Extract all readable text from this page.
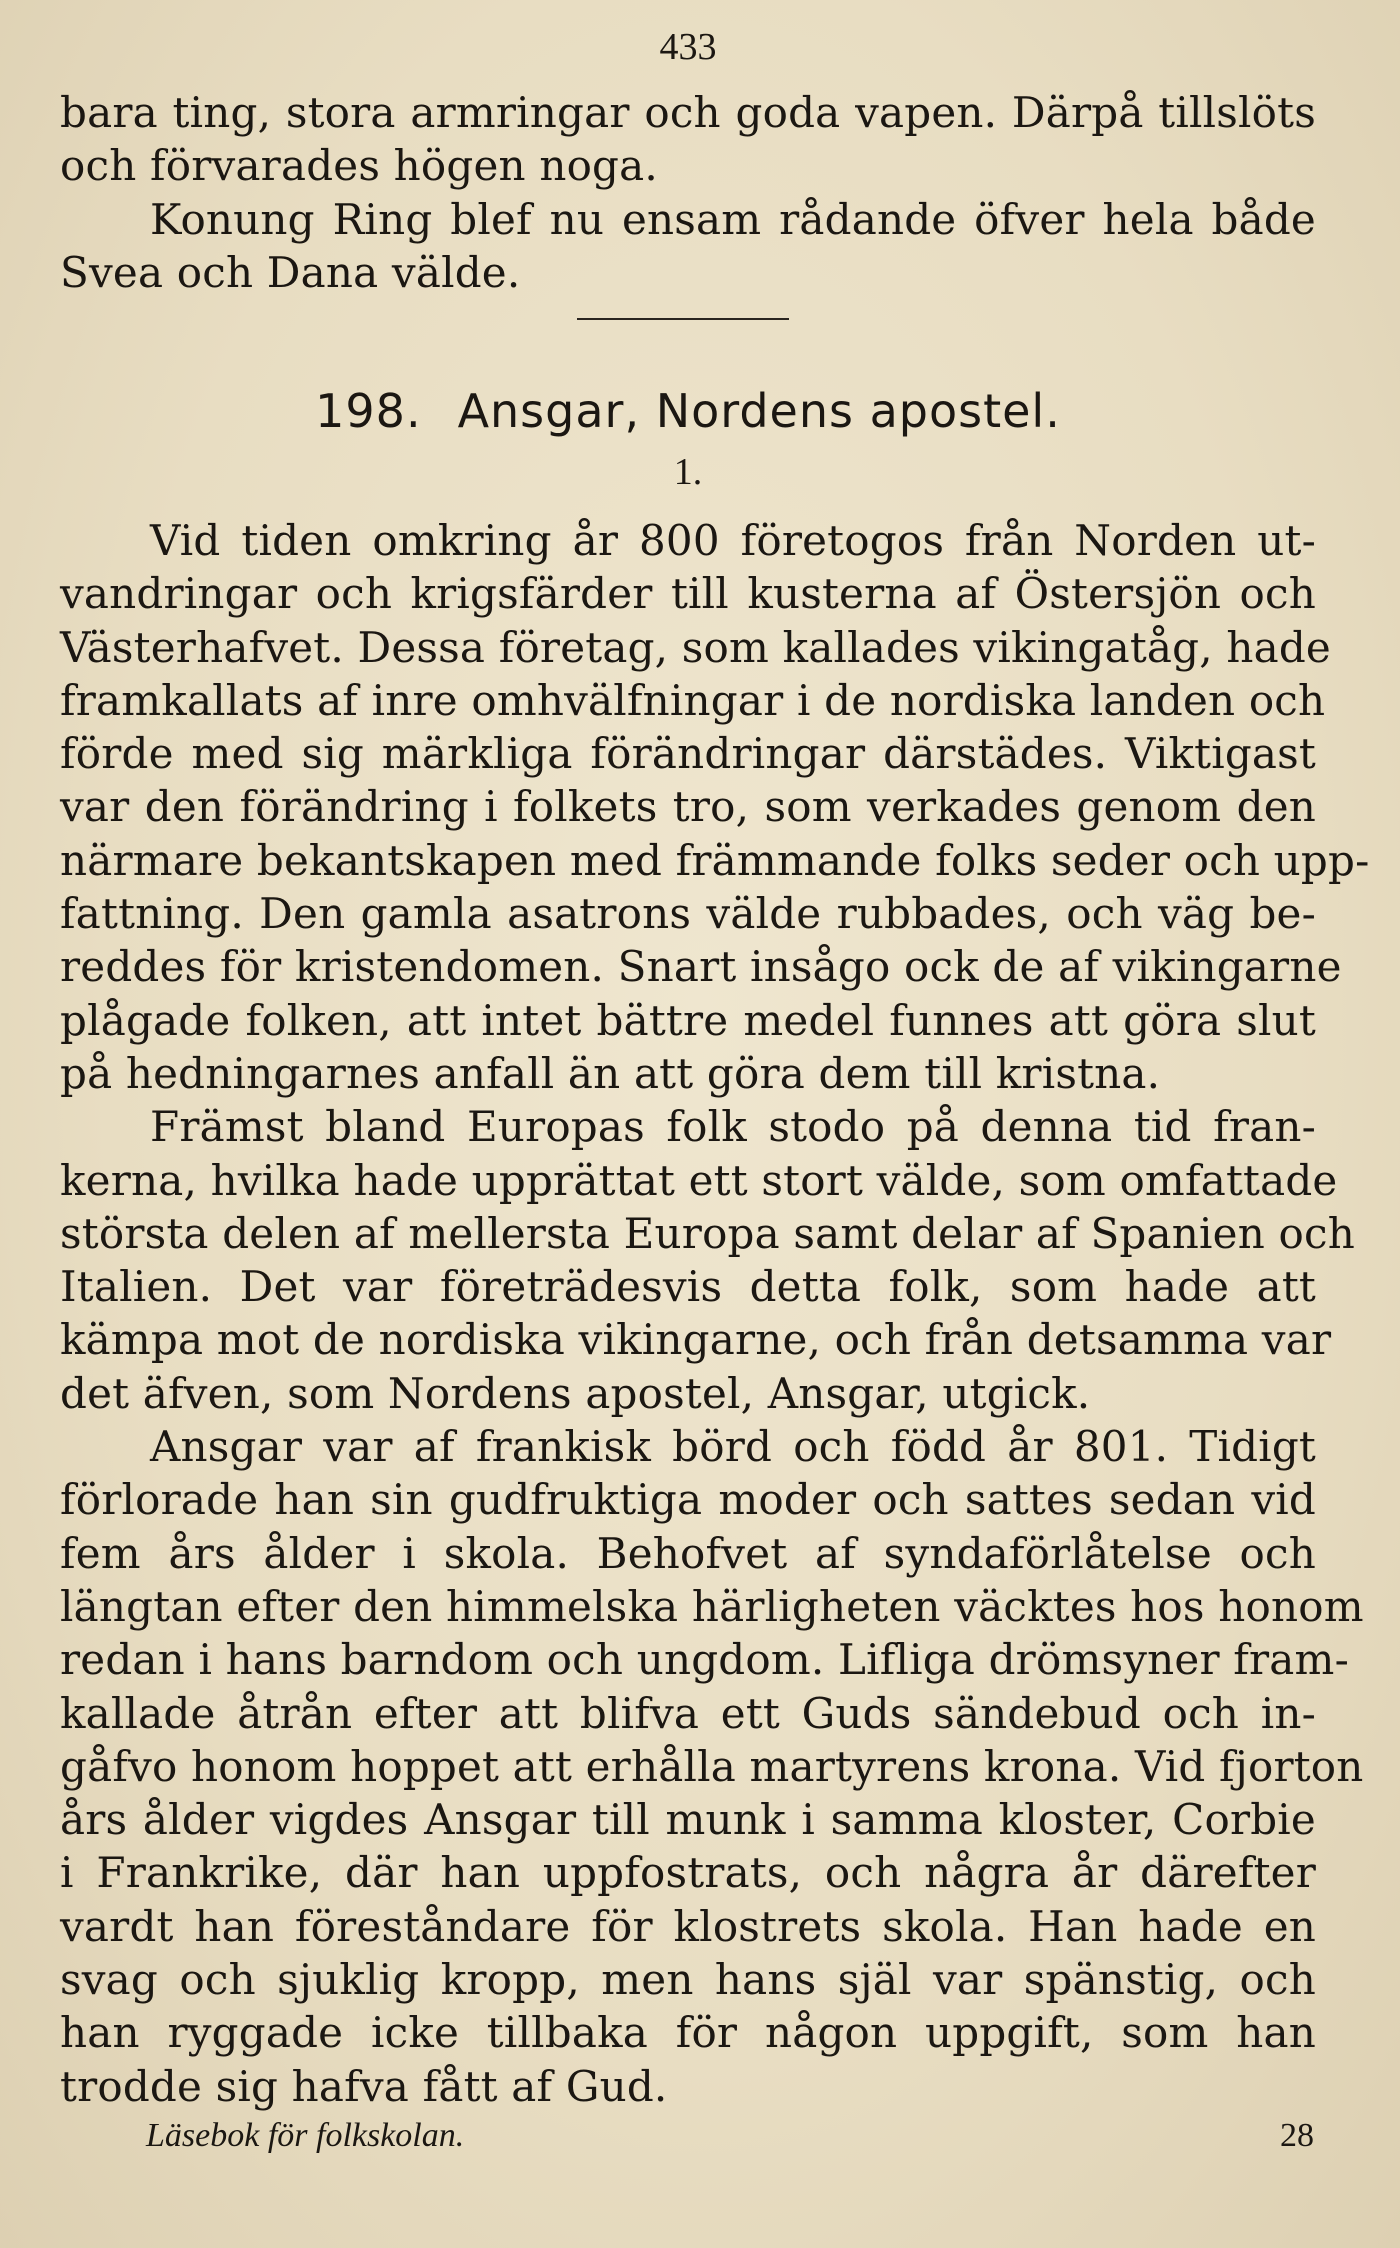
433
bara ting, stora armringar och goda vapen. Därpå tillslöts
och förvarades högen noga.
Konung Ring blef nu ensam rådande öfver hela både
Svea och Dana välde.
198. Ansgar, Nordens apostel.
1.
Vid tiden omkring år 800 företogos från Norden ut-
vandringar och krigsfärder till kusterna af Östersjön och
Västerhafvet. Dessa företag, som kallades vikingatåg, hade
framkallats af inre omhvälfningar i de nordiska landen och
förde med sig märkliga förändringar därstädes. Viktigast
var den förändring i folkets tro, som verkades genom den
närmare bekantskapen med främmande folks seder och upp-
fattning. Den gamla asatrons välde rubbades, och väg be-
reddes för kristendomen. Snart insågo ock de af vikingarne
plågade folken, att intet bättre medel funnes att göra slut
på hedningarnes anfall än att göra dem till kristna.
Främst bland Europas folk stodo på denna tid fran-
kerna, hvilka hade upprättat ett stort välde, som omfattade
största delen af mellersta Europa samt delar af Spanien och
Italien. Det var företrädesvis detta folk, som hade att
kämpa mot de nordiska vikingarne, och från detsamma var
det äfven, som Nordens apostel, Ansgar, utgick.
Ansgar var af frankisk börd och född år 801. Tidigt
förlorade han sin gudfruktiga moder och sattes sedan vid
fem års ålder i skola. Behofvet af syndaförlåtelse och
längtan efter den himmelska härligheten väcktes hos honom
redan i hans barndom och ungdom. Lifliga drömsyner fram-
kallade åtrån efter att blifva ett Guds sändebud och in-
gåfvo honom hoppet att erhålla martyrens krona. Vid fjorton
års ålder vigdes Ansgar till munk i samma kloster, Corbie
i Frankrike, där han uppfostrats, och några år därefter
vardt han föreståndare för klostrets skola. Han hade en
svag och sjuklig kropp, men hans själ var spänstig, och
han ryggade icke tillbaka för någon uppgift, som han
trodde sig hafva fått af Gud.
Läsebok för folkskolan.	28
